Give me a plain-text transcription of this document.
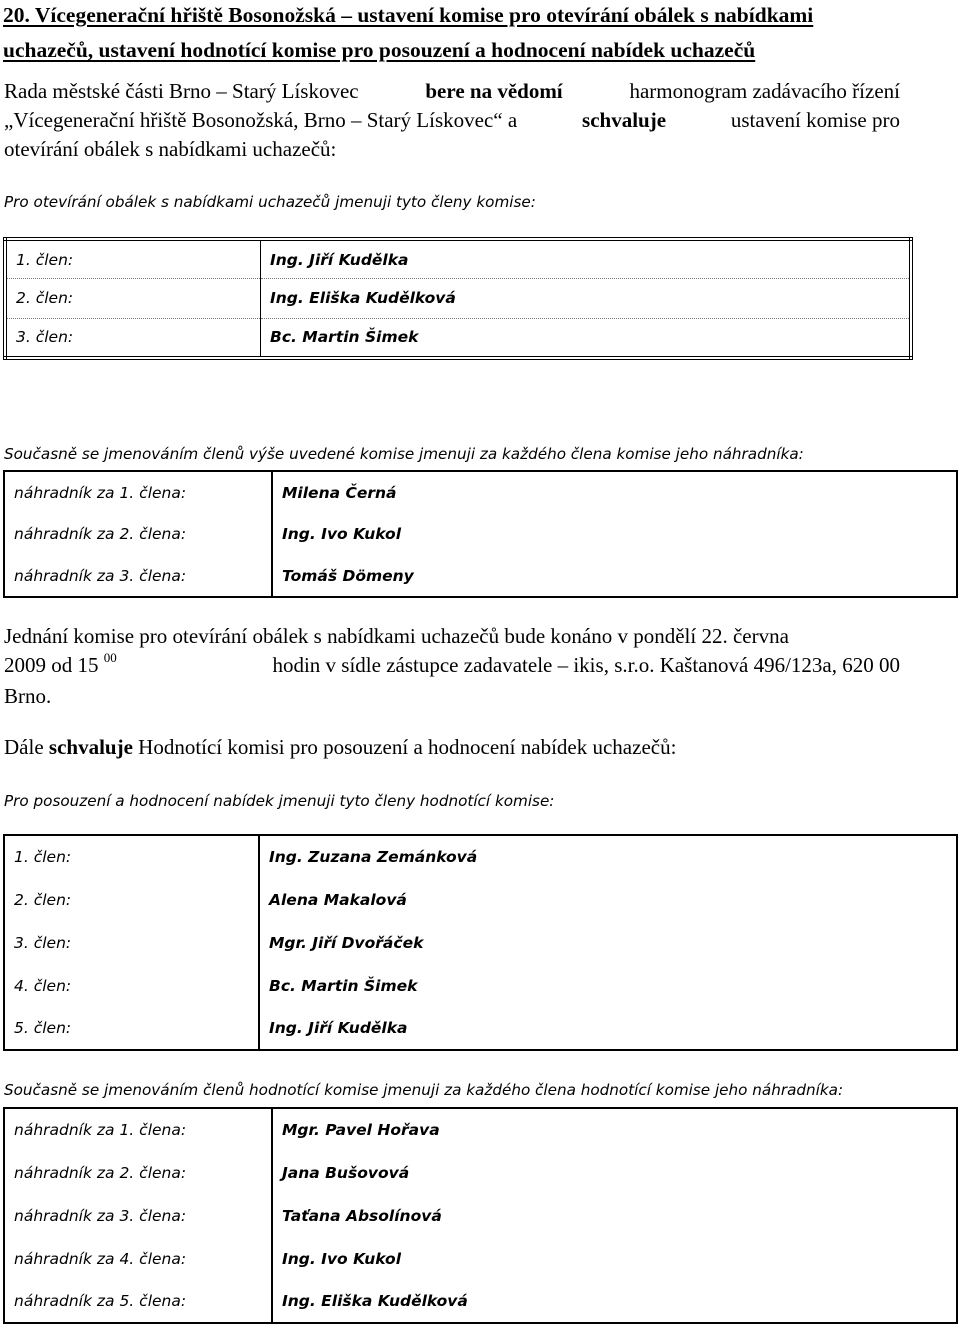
20. Vícegenerační hřiště Bosonožská – ustavení komise pro otevírání obálek s nabídkami
uchazečů, ustavení hodnotící komise pro posouzení a hodnocení nabídek uchazečů
Rada městské části Brno – Starý Lískovec	bere na vědomí	harmonogram zadávacího řízení
„Vícegenerační hřiště Bosonožská, Brno – Starý Lískovec“ a	schvaluje	ustavení komise pro
otevírání obálek s nabídkami uchazečů:
Pro otevírání obálek s nabídkami uchazečů jmenuji tyto členy komise:
1. člen:	Ing. Jiří Kudělka
2. člen:	Ing. Eliška Kudělková
3. člen:	Bc. Martin Šimek
Současně se jmenováním členů výše uvedené komise jmenuji za každého člena komise jeho náhradníka:
náhradník za 1. člena:	Milena Černá
náhradník za 2. člena:	Ing. Ivo Kukol
náhradník za 3. člena:	Tomáš Dömeny
Jednání komise pro otevírání obálek s nabídkami uchazečů bude konáno v pondělí 22. června
2009 od 15 $^{00}$	hodin v sídle zástupce zadavatele – ikis, s.r.o. Kaštanová 496/123a, 620 00
Brno.
Dále schvaluje Hodnotící komisi pro posouzení a hodnocení nabídek uchazečů:
Pro posouzení a hodnocení nabídek jmenuji tyto členy hodnotící komise:
1. člen:	Ing. Zuzana Zemánková
2. člen:	Alena Makalová
3. člen:	Mgr. Jiří Dvořáček
4. člen:	Bc. Martin Šimek
5. člen:	Ing. Jiří Kudělka
Současně se jmenováním členů hodnotící komise jmenuji za každého člena hodnotící komise jeho náhradníka:
náhradník za 1. člena:	Mgr. Pavel Hořava
náhradník za 2. člena:	Jana Bušovová
náhradník za 3. člena:	Taťana Absolínová
náhradník za 4. člena:	Ing. Ivo Kukol
náhradník za 5. člena:	Ing. Eliška Kudělková
